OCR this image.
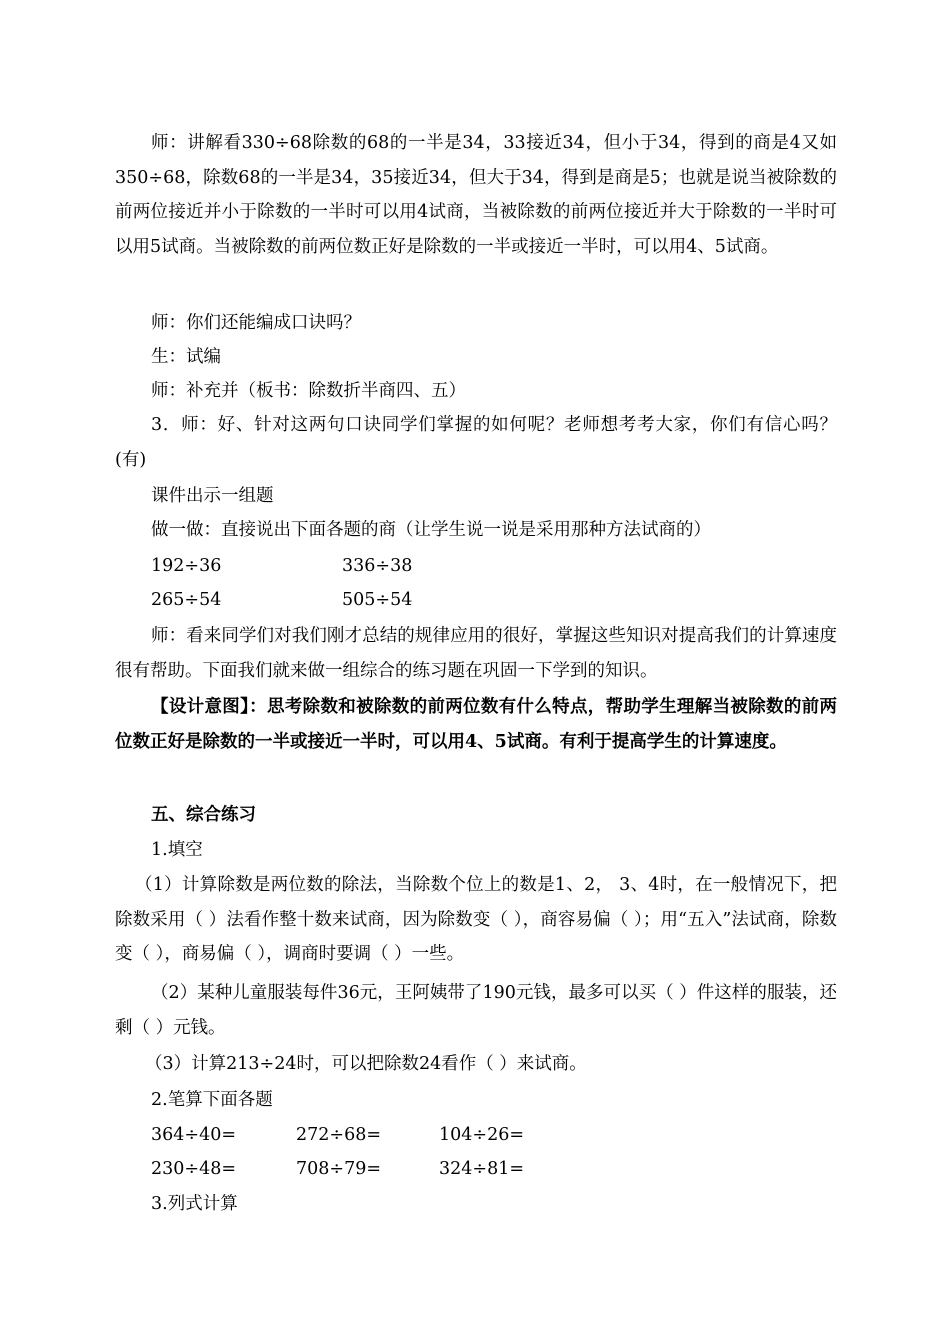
师：讲解看330÷68除数的68的一半是34，33接近34，但小于34，得到的商是4又如350÷68，除数68的一半是34，35接近34，但大于34，得到是商是5；也就是说当被除数的前两位接近并小于除数的一半时可以用4试商，当被除数的前两位接近并大于除数的一半时可以用5试商。当被除数的前两位数正好是除数的一半或接近一半时，可以用4、5试商。

师：你们还能编成口诀吗？

生：试编

师：补充并（板书：除数折半商四、五）

3．师：好、针对这两句口诀同学们掌握的如何呢？老师想考考大家，你们有信心吗？(有)

课件出示一组题

做一做：直接说出下面各题的商（让学生说一说是采用那种方法试商的）

192÷36	336÷38
265÷54	505÷54

师：看来同学们对我们刚才总结的规律应用的很好，掌握这些知识对提高我们的计算速度很有帮助。下面我们就来做一组综合的练习题在巩固一下学到的知识。

【设计意图】：思考除数和被除数的前两位数有什么特点，帮助学生理解当被除数的前两位数正好是除数的一半或接近一半时，可以用4、5试商。有利于提高学生的计算速度。

五、综合练习

1.填空

（1）计算除数是两位数的除法，当除数个位上的数是1、2， 3、4时，在一般情况下，把除数采用（ ）法看作整十数来试商，因为除数变（ ），商容易偏（ ）；用“五入”法试商，除数变（ ），商易偏（ ），调商时要调（ ）一些。

（2）某种儿童服装每件36元，王阿姨带了190元钱，最多可以买（ ）件这样的服装，还剩（ ）元钱。

（3）计算213÷24时，可以把除数24看作（ ）来试商。

2.笔算下面各题

364÷40=	272÷68=	104÷26=
230÷48=	708÷79=	324÷81=

3.列式计算
